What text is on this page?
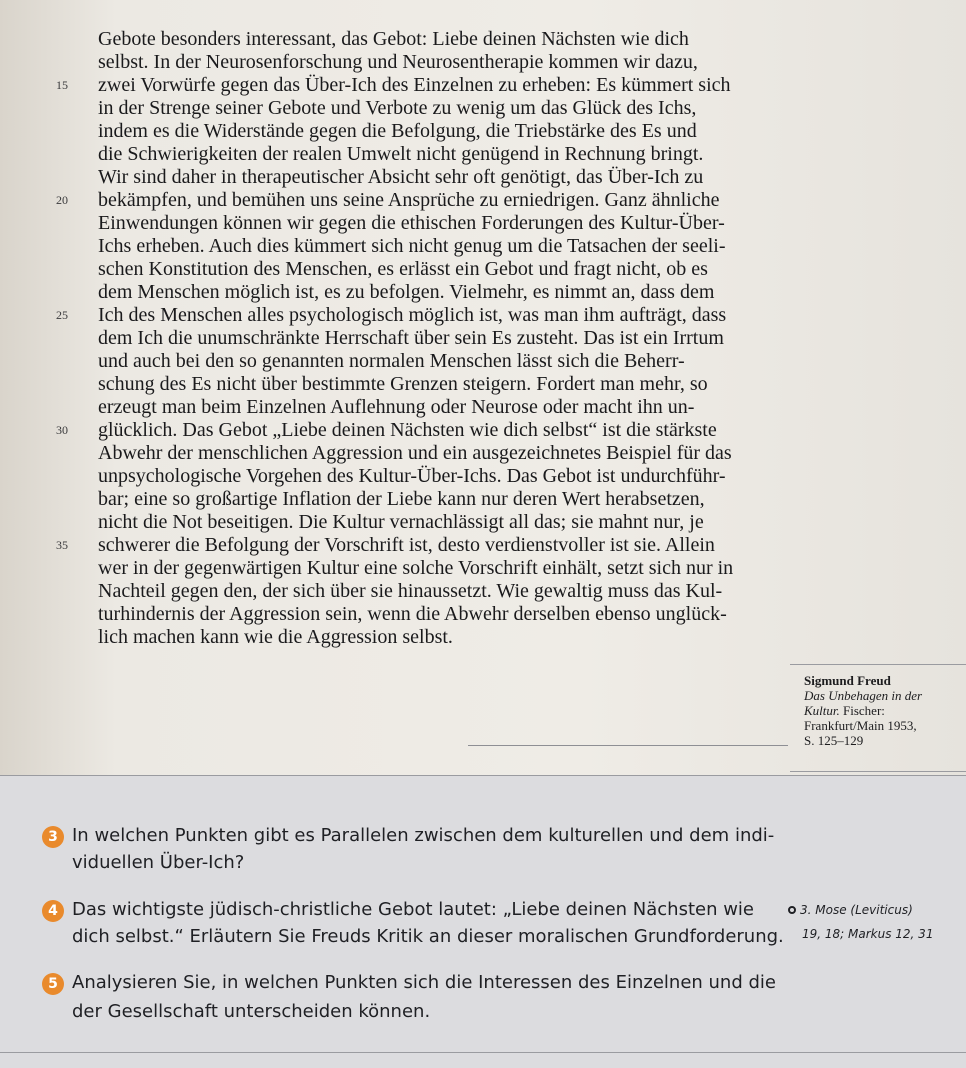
Gebote besonders interessant, das Gebot: Liebe deinen Nächsten wie dich
selbst. In der Neurosenforschung und Neurosentherapie kommen wir dazu,
zwei Vorwürfe gegen das Über-Ich des Einzelnen zu erheben: Es kümmert sich
in der Strenge seiner Gebote und Verbote zu wenig um das Glück des Ichs,
indem es die Widerstände gegen die Befolgung, die Triebstärke des Es und
die Schwierigkeiten der realen Umwelt nicht genügend in Rechnung bringt.
Wir sind daher in therapeutischer Absicht sehr oft genötigt, das Über-Ich zu
bekämpfen, und bemühen uns seine Ansprüche zu erniedrigen. Ganz ähnliche
Einwendungen können wir gegen die ethischen Forderungen des Kultur-Über-
Ichs erheben. Auch dies kümmert sich nicht genug um die Tatsachen der seeli-
schen Konstitution des Menschen, es erlässt ein Gebot und fragt nicht, ob es
dem Menschen möglich ist, es zu befolgen. Vielmehr, es nimmt an, dass dem
Ich des Menschen alles psychologisch möglich ist, was man ihm aufträgt, dass
dem Ich die unumschränkte Herrschaft über sein Es zusteht. Das ist ein Irrtum
und auch bei den so genannten normalen Menschen lässt sich die Beherr-
schung des Es nicht über bestimmte Grenzen steigern. Fordert man mehr, so
erzeugt man beim Einzelnen Auflehnung oder Neurose oder macht ihn un-
glücklich. Das Gebot „Liebe deinen Nächsten wie dich selbst“ ist die stärkste
Abwehr der menschlichen Aggression und ein ausgezeichnetes Beispiel für das
unpsychologische Vorgehen des Kultur-Über-Ichs. Das Gebot ist undurchführ-
bar; eine so großartige Inflation der Liebe kann nur deren Wert herabsetzen,
nicht die Not beseitigen. Die Kultur vernachlässigt all das; sie mahnt nur, je
schwerer die Befolgung der Vorschrift ist, desto verdienstvoller ist sie. Allein
wer in der gegenwärtigen Kultur eine solche Vorschrift einhält, setzt sich nur in
Nachteil gegen den, der sich über sie hinaussetzt. Wie gewaltig muss das Kul-
turhindernis der Aggression sein, wenn die Abwehr derselben ebenso unglück-
lich machen kann wie die Aggression selbst.
15
20
25
30
35
Sigmund Freud
Das Unbehagen in der
Kultur. Fischer:
Frankfurt/Main 1953,
S. 125–129
3 In welchen Punkten gibt es Parallelen zwischen dem kulturellen und dem indi-
viduellen Über-Ich?
4 Das wichtigste jüdisch-christliche Gebot lautet: „Liebe deinen Nächsten wie
dich selbst.“ Erläutern Sie Freuds Kritik an dieser moralischen Grundforderung.
3. Mose (Leviticus)
19, 18; Markus 12, 31
5 Analysieren Sie, in welchen Punkten sich die Interessen des Einzelnen und die
der Gesellschaft unterscheiden können.
